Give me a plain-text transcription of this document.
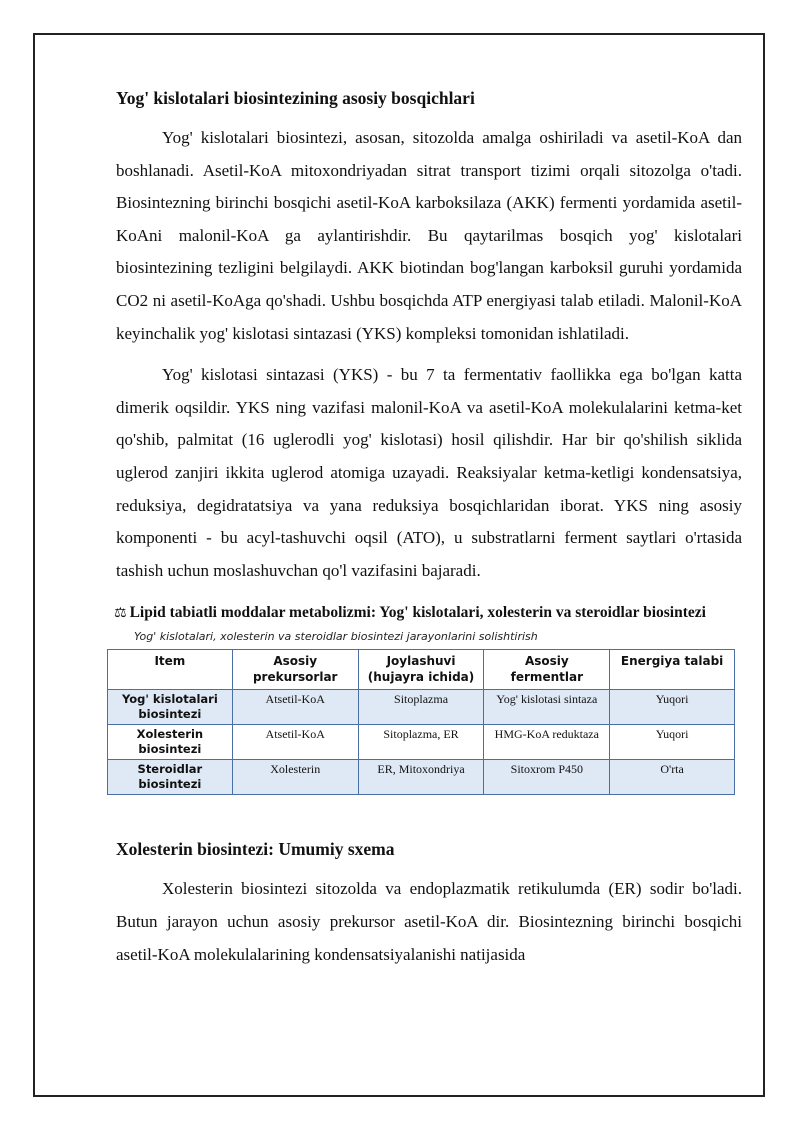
Yog' kislotalari biosintezining asosiy bosqichlari

Yog' kislotalari biosintezi, asosan, sitozolda amalga oshiriladi va asetil-KoA dan boshlanadi. Asetil-KoA mitoxondriyadan sitrat transport tizimi orqali sitozolga o'tadi. Biosintezning birinchi bosqichi asetil-KoA karboksilaza (AKK) fermenti yordamida asetil-KoAni malonil-KoA ga aylantirishdir. Bu qaytarilmas bosqich yog' kislotalari biosintezining tezligini belgilaydi. AKK biotindan bog'langan karboksil guruhi yordamida CO2 ni asetil-KoAga qo'shadi. Ushbu bosqichda ATP energiyasi talab etiladi. Malonil-KoA keyinchalik yog' kislotasi sintazasi (YKS) kompleksi tomonidan ishlatiladi.

Yog' kislotasi sintazasi (YKS) - bu 7 ta fermentativ faollikka ega bo'lgan katta dimerik oqsildir. YKS ning vazifasi malonil-KoA va asetil-KoA molekulalarini ketma-ket qo'shib, palmitat (16 uglerodli yog' kislotasi) hosil qilishdir. Har bir qo'shilish siklida uglerod zanjiri ikkita uglerod atomiga uzayadi. Reaksiyalar ketma-ketligi kondensatsiya, reduksiya, degidratatsiya va yana reduksiya bosqichlaridan iborat. YKS ning asosiy komponenti - bu acyl-tashuvchi oqsil (ATO), u substratlarni ferment saytlari o'rtasida tashish uchun moslashuvchan qo'l vazifasini bajaradi.

⚖ Lipid tabiatli moddalar metabolizmi: Yog' kislotalari, xolesterin va steroidlar biosintezi
Yog' kislotalari, xolesterin va steroidlar biosintezi jarayonlarini solishtirish
Item	Asosiy prekursorlar	Joylashuvi (hujayra ichida)	Asosiy fermentlar	Energiya talabi
Yog' kislotalari biosintezi	Atsetil-KoA	Sitoplazma	Yog' kislotasi sintaza	Yuqori
Xolesterin biosintezi	Atsetil-KoA	Sitoplazma, ER	HMG-KoA reduktaza	Yuqori
Steroidlar biosintezi	Xolesterin	ER, Mitoxondriya	Sitoxrom P450	O'rta
Xolesterin biosintezi: Umumiy sxema

Xolesterin biosintezi sitozolda va endoplazmatik retikulumda (ER) sodir bo'ladi. Butun jarayon uchun asosiy prekursor asetil-KoA dir. Biosintezning birinchi bosqichi asetil-KoA molekulalarining kondensatsiyalanishi natijasida
